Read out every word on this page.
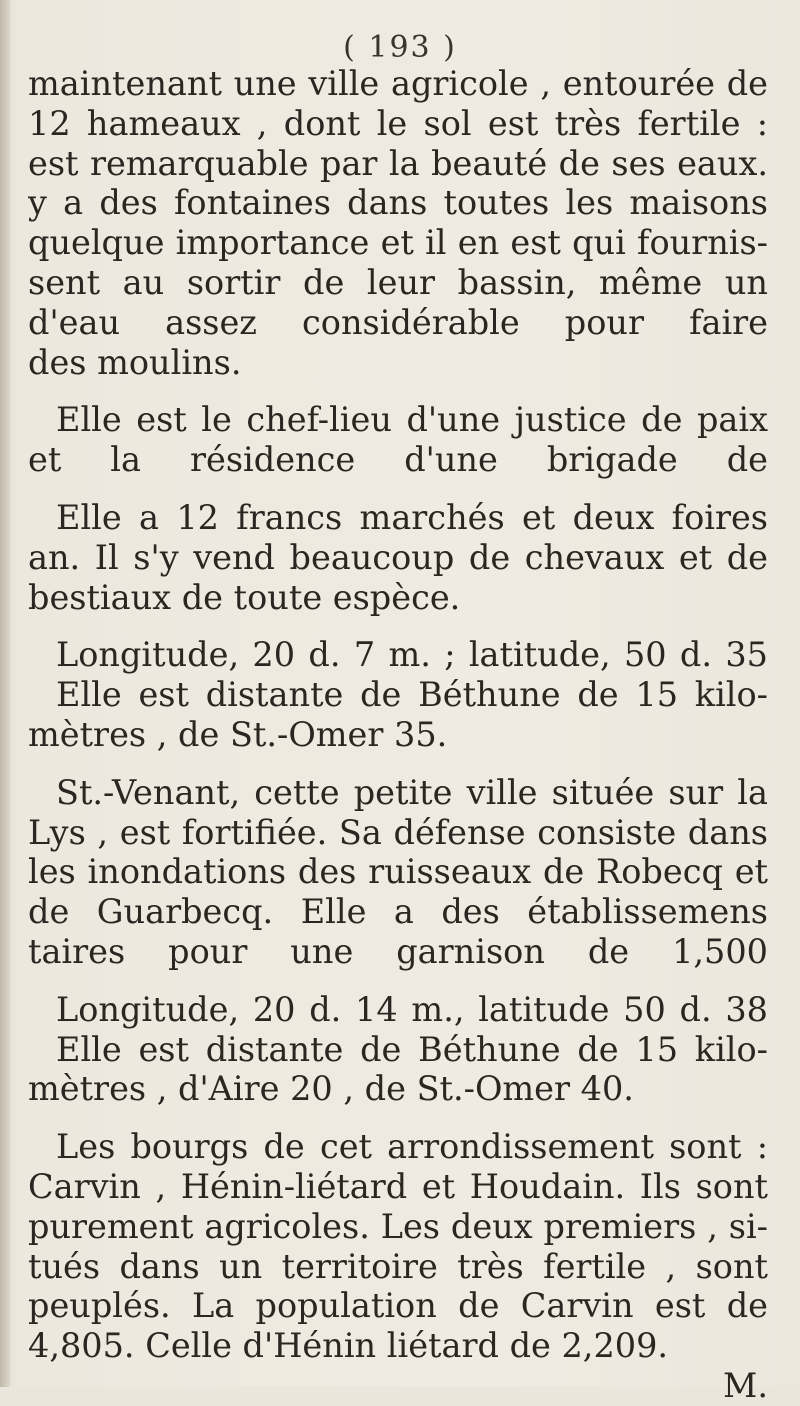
( 193 )
maintenant une ville agricole , entourée de
12 hameaux , dont le sol est très fertile :
est remarquable par la beauté de ses eaux.
y a des fontaines dans toutes les maisons
quelque importance et il en est qui fournis-
sent au sortir de leur bassin, même un
d'eau assez considérable pour faire
des moulins.
Elle est le chef-lieu d'une justice de paix
et la résidence d'une brigade de
Elle a 12 francs marchés et deux foires
an. Il s'y vend beaucoup de chevaux et de
bestiaux de toute espèce.
Longitude, 20 d. 7 m. ; latitude, 50 d. 35
Elle est distante de Béthune de 15 kilo-
mètres , de St.-Omer 35.
St.-Venant, cette petite ville située sur la
Lys , est fortifiée. Sa défense consiste dans
les inondations des ruisseaux de Robecq et
de Guarbecq. Elle a des établissemens
taires pour une garnison de 1,500
Longitude, 20 d. 14 m., latitude 50 d. 38
Elle est distante de Béthune de 15 kilo-
mètres , d'Aire 20 , de St.-Omer 40.
Les bourgs de cet arrondissement sont :
Carvin , Hénin-liétard et Houdain. Ils sont
purement agricoles. Les deux premiers , si-
tués dans un territoire très fertile , sont
peuplés. La population de Carvin est de
4,805. Celle d'Hénin liétard de 2,209.
M.
